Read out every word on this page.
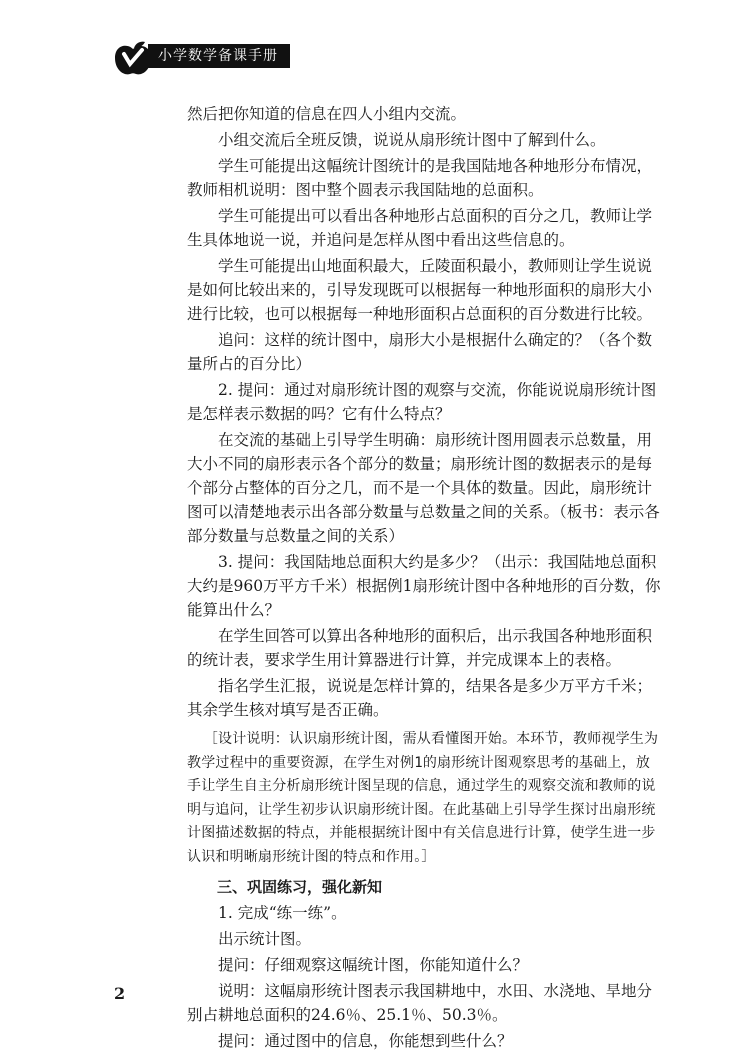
小学数学备课手册

然后把你知道的信息在四人小组内交流。

小组交流后全班反馈，说说从扇形统计图中了解到什么。

学生可能提出这幅统计图统计的是我国陆地各种地形分布情况，教师相机说明：图中整个圆表示我国陆地的总面积。

学生可能提出可以看出各种地形占总面积的百分之几，教师让学生具体地说一说，并追问是怎样从图中看出这些信息的。

学生可能提出山地面积最大，丘陵面积最小，教师则让学生说说是如何比较出来的，引导发现既可以根据每一种地形面积的扇形大小进行比较，也可以根据每一种地形面积占总面积的百分数进行比较。

追问：这样的统计图中，扇形大小是根据什么确定的？（各个数量所占的百分比）

2. 提问：通过对扇形统计图的观察与交流，你能说说扇形统计图是怎样表示数据的吗？它有什么特点？

在交流的基础上引导学生明确：扇形统计图用圆表示总数量，用大小不同的扇形表示各个部分的数量；扇形统计图的数据表示的是每个部分占整体的百分之几，而不是一个具体的数量。因此，扇形统计图可以清楚地表示出各部分数量与总数量之间的关系。（板书：表示各部分数量与总数量之间的关系）

3. 提问：我国陆地总面积大约是多少？（出示：我国陆地总面积大约是960万平方千米）根据例1扇形统计图中各种地形的百分数，你能算出什么？

在学生回答可以算出各种地形的面积后，出示我国各种地形面积的统计表，要求学生用计算器进行计算，并完成课本上的表格。

指名学生汇报，说说是怎样计算的，结果各是多少万平方千米；其余学生核对填写是否正确。

［设计说明：认识扇形统计图，需从看懂图开始。本环节，教师视学生为教学过程中的重要资源，在学生对例1的扇形统计图观察思考的基础上，放手让学生自主分析扇形统计图呈现的信息，通过学生的观察交流和教师的说明与追问，让学生初步认识扇形统计图。在此基础上引导学生探讨出扇形统计图描述数据的特点，并能根据统计图中有关信息进行计算，使学生进一步认识和明晰扇形统计图的特点和作用。］

三、巩固练习，强化新知

1. 完成“练一练”。

出示统计图。

提问：仔细观察这幅统计图，你能知道什么？

说明：这幅扇形统计图表示我国耕地中，水田、水浇地、旱地分别占耕地总面积的24.6％、25.1％、50.3％。

提问：通过图中的信息，你能想到些什么？

2
